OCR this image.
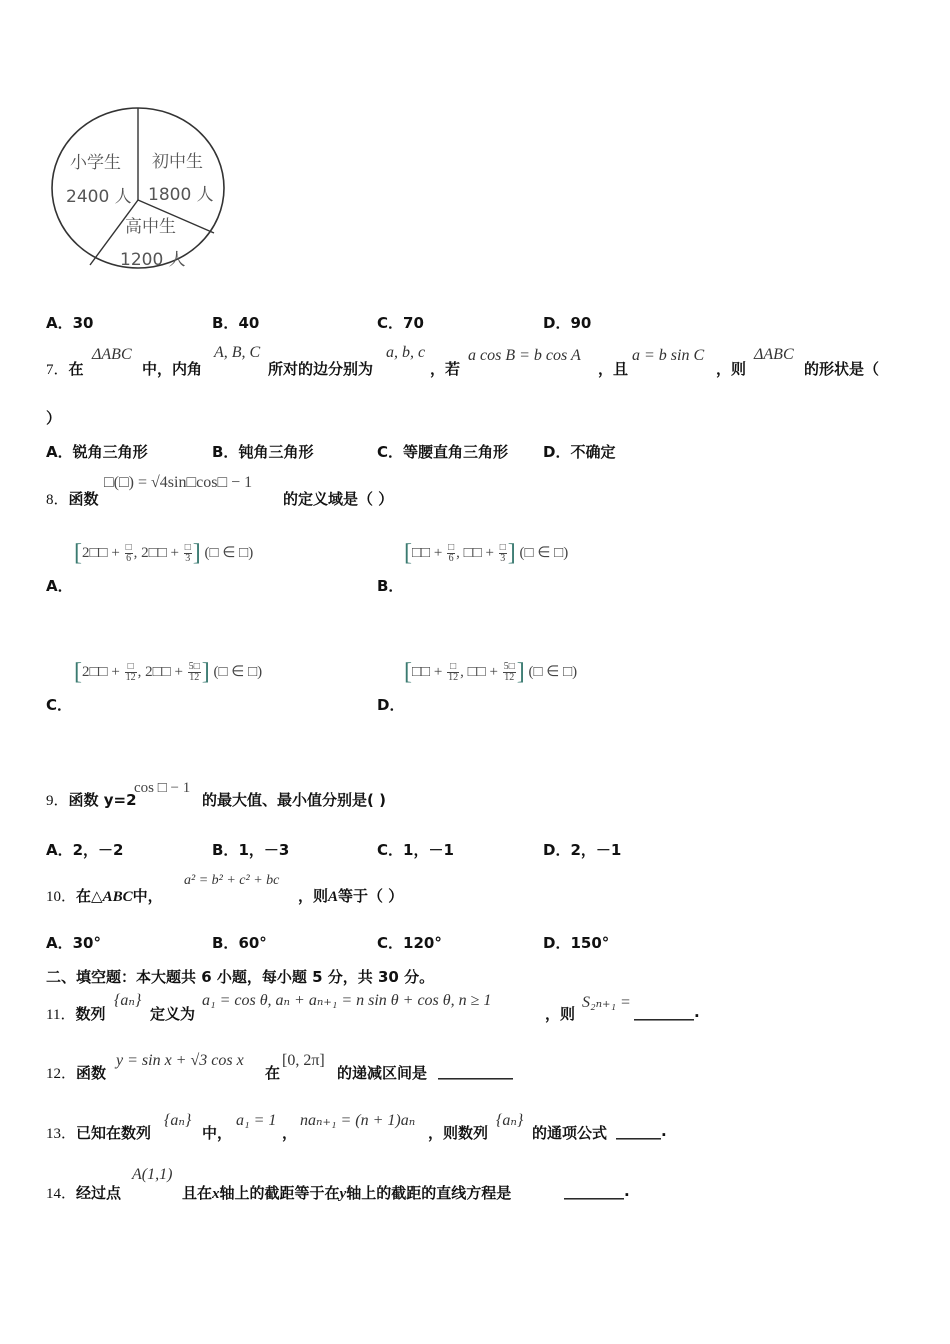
小学生
2400 人
初中生
1800 人
高中生
1200 人
A．30	B．40	C．70	D．90
7．在
ΔABC
中，内角
A, B, C
所对的边分别为
a, b, c
，若
a cos B = b cos A
，且
a = b sin C
，则
ΔABC
的形状是（
）
A．锐角三角形	B．钝角三角形	C．等腰直角三角形 D．不确定
8．函数
□(□) = √4sin□cos□ − 1
的定义域是（ ）
A．
[2□□ + $\frac{□}{6}$ , 2□□ + $\frac{□}{3}$ ] (□ ∈ □)
B．
[□□ + $\frac{□}{6}$ , □□ + $\frac{□}{3}$ ] (□ ∈ □)
C．
[2□□ + $\frac{□}{12}$ , 2□□ + $\frac{5□}{12}$ ] (□ ∈ □)
D．
[□□ + $\frac{□}{12}$ , □□ + $\frac{5□}{12}$ ] (□ ∈ □)
9．函数 y=2
cos □ − 1
的最大值、最小值分别是( )
A．2，－2	B．1，－3	C．1，－1	D．2，－1
10．在△ABC中，
a² = b² + c² + bc
，则A等于（ ）
A．30°	B．60°	C．120°	D．150°
二、填空题：本大题共 6 小题，每小题 5 分，共 30 分。
11．数列
{aₙ}
定义为
a₁ = cos θ, aₙ + aₙ₊₁ = n sin θ + cos θ, n ≥ 1
，则
S₂ₙ₊₁ =
________.
12．函数
y = sin x + √3 cos x
在
[0, 2π]
的递减区间是 __________
13．已知在数列
{aₙ}
中，
a₁ = 1
，
naₙ₊₁ = (n + 1)aₙ
，则数列
{aₙ}
的通项公式 ______.
14．经过点
A(1,1)
且在x轴上的截距等于在y轴上的截距的直线方程是	________.
